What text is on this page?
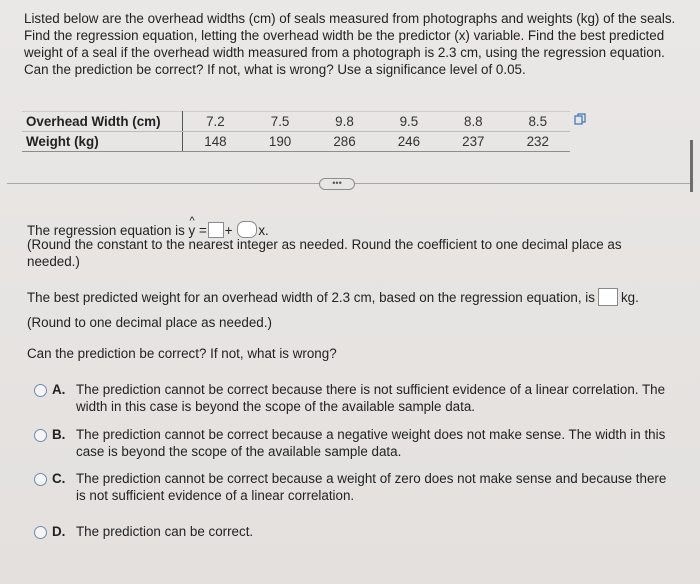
Listed below are the overhead widths (cm) of seals measured from photographs and weights (kg) of the seals. Find the regression equation, letting the overhead width be the predictor (x) variable. Find the best predicted weight of a seal if the overhead width measured from a photograph is 2.3 cm, using the regression equation. Can the prediction be correct? If not, what is wrong? Use a significance level of 0.05.
Overhead Width (cm)	7.2	7.5	9.8	9.5	8.8	8.5
Weight (kg)	148	190	286	246	237	232
•••
The regression equation is ^ y = + x.
(Round the constant to the nearest integer as needed. Round the coefficient to one decimal place as needed.)
The best predicted weight for an overhead width of 2.3 cm, based on the regression equation, is kg.
(Round to one decimal place as needed.)
Can the prediction be correct? If not, what is wrong?
A. The prediction cannot be correct because there is not sufficient evidence of a linear correlation. The width in this case is beyond the scope of the available sample data.
B. The prediction cannot be correct because a negative weight does not make sense. The width in this case is beyond the scope of the available sample data.
C. The prediction cannot be correct because a weight of zero does not make sense and because there is not sufficient evidence of a linear correlation.
D. The prediction can be correct.
